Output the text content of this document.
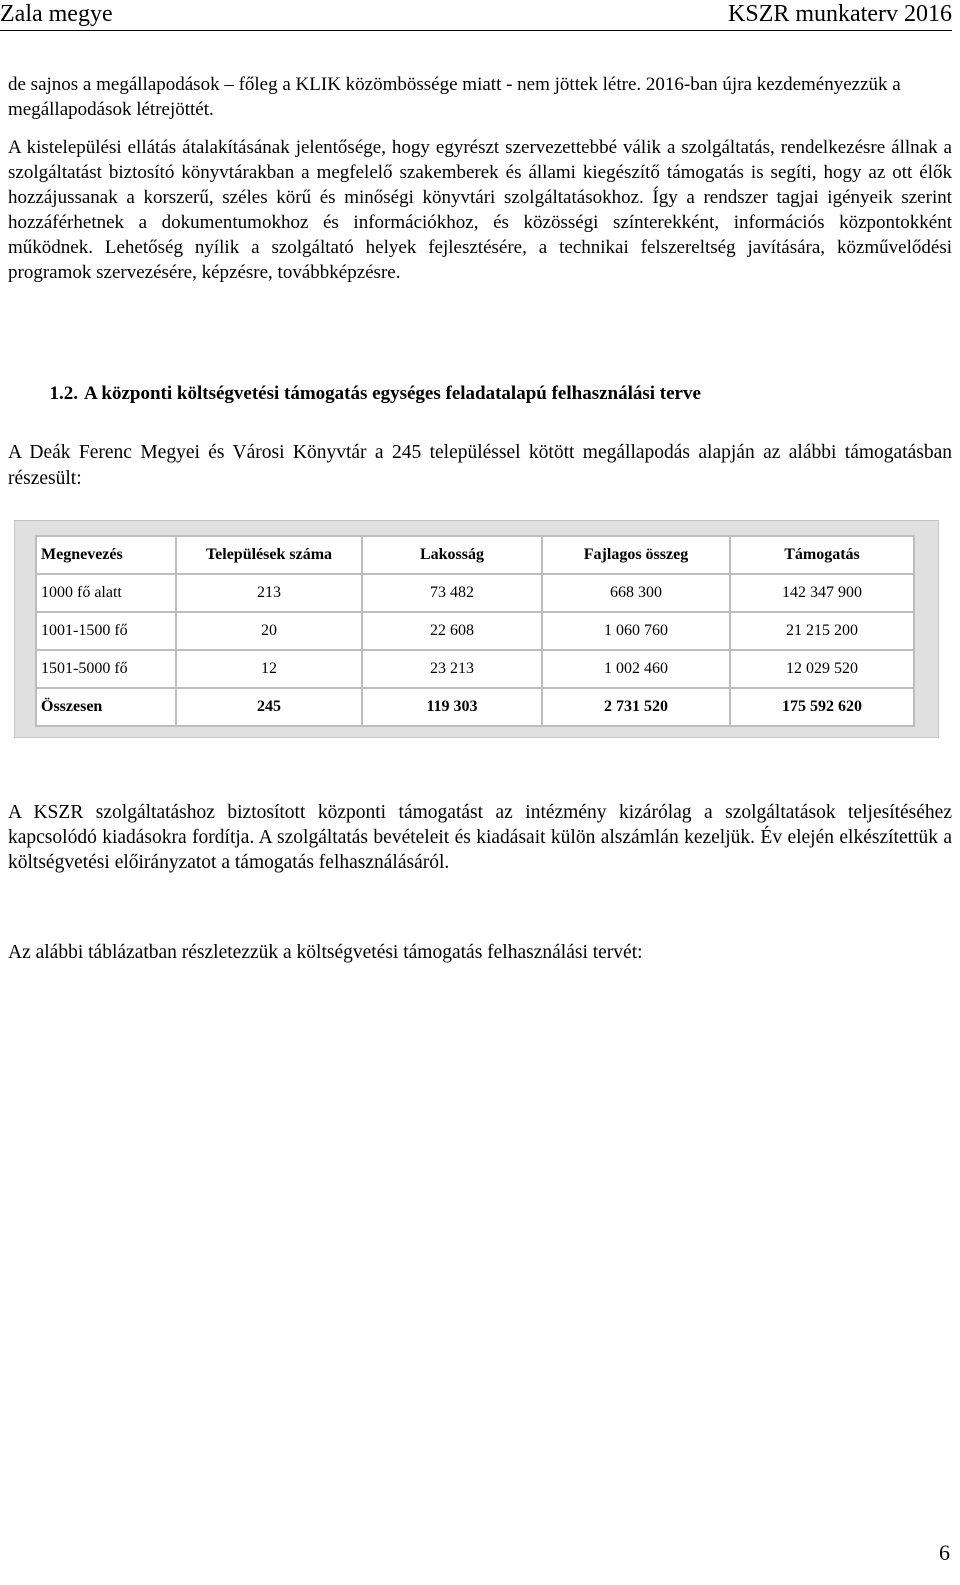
Zala megye	KSZR munkaterv 2016

de sajnos a megállapodások – főleg a KLIK közömbössége miatt - nem jöttek létre. 2016-ban újra kezdeményezzük a megállapodások létrejöttét.

A kistelepülési ellátás átalakításának jelentősége, hogy egyrészt szervezettebbé válik a szolgáltatás, rendelkezésre állnak a szolgáltatást biztosító könyvtárakban a megfelelő szakemberek és állami kiegészítő támogatás is segíti, hogy az ott élők hozzájussanak a korszerű, széles körű és minőségi könyvtári szolgáltatásokhoz. Így a rendszer tagjai igényeik szerint hozzáférhetnek a dokumentumokhoz és információkhoz, és közösségi színterekként, információs központokként működnek. Lehetőség nyílik a szolgáltató helyek fejlesztésére, a technikai felszereltség javítására, közművelődési programok szervezésére, képzésre, továbbképzésre.

1.2. A központi költségvetési támogatás egységes feladatalapú felhasználási terve

A Deák Ferenc Megyei és Városi Könyvtár a 245 településsel kötött megállapodás alapján az alábbi támogatásban részesült:

Megnevezés	Települések száma	Lakosság	Fajlagos összeg	Támogatás
1000 fő alatt	213	73 482	668 300	142 347 900
1001-1500 fő	20	22 608	1 060 760	21 215 200
1501-5000 fő	12	23 213	1 002 460	12 029 520
Összesen	245	119 303	2 731 520	175 592 620

A KSZR szolgáltatáshoz biztosított központi támogatást az intézmény kizárólag a szolgáltatások teljesítéséhez kapcsolódó kiadásokra fordítja. A szolgáltatás bevételeit és kiadásait külön alszámlán kezeljük. Év elején elkészítettük a költségvetési előirányzatot a támogatás felhasználásáról.

Az alábbi táblázatban részletezzük a költségvetési támogatás felhasználási tervét:

6
